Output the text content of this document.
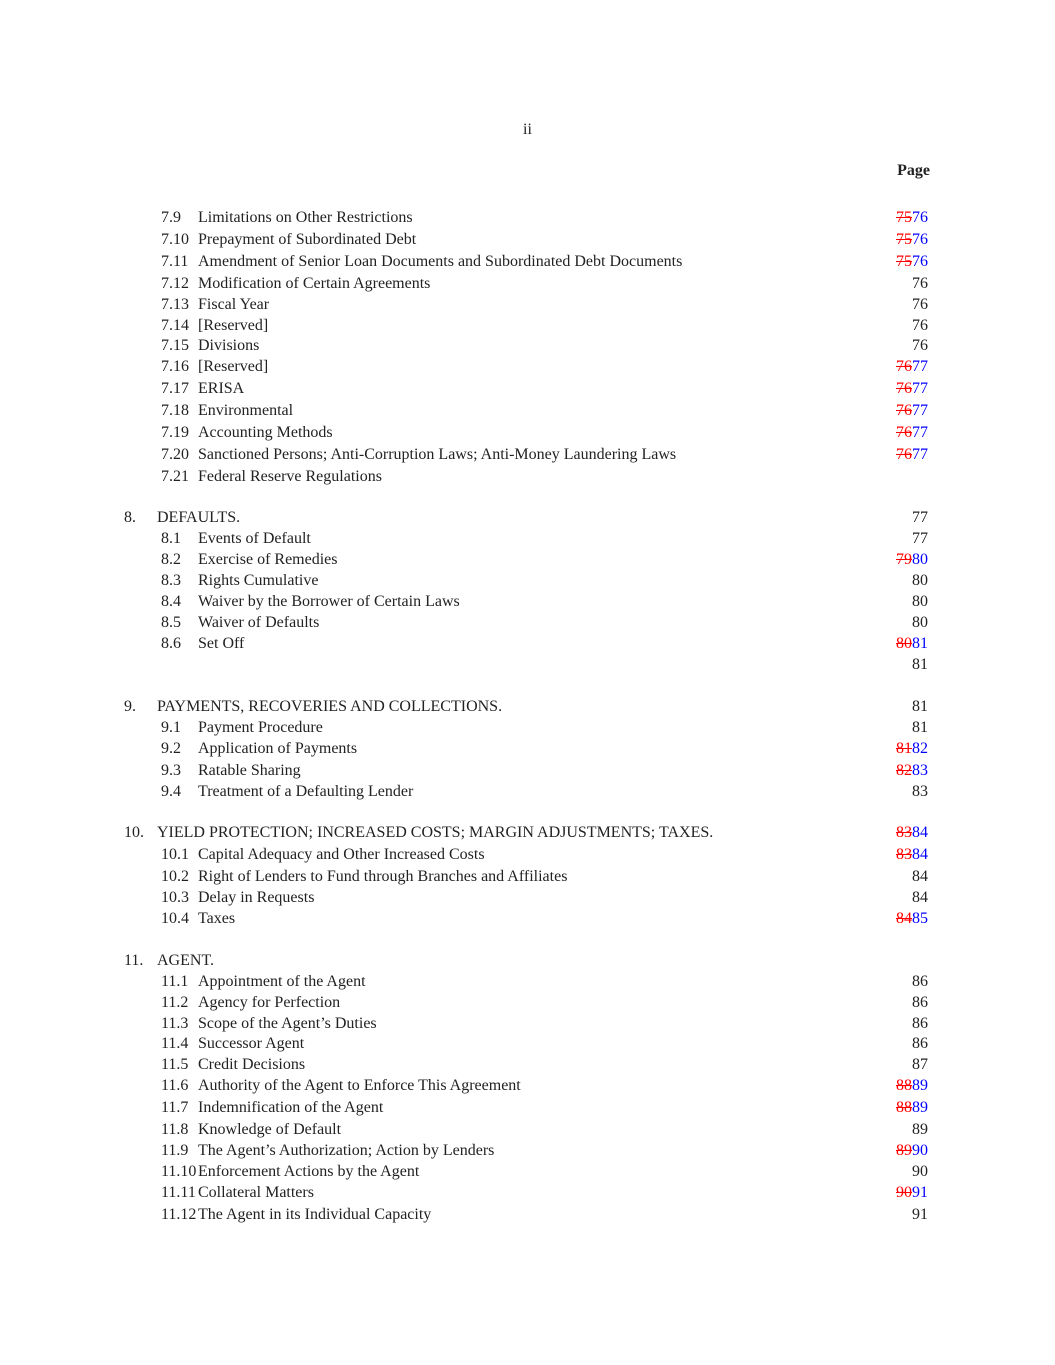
ii
Page
7.9 Limitations on Other Restrictions	7576
7.10 Prepayment of Subordinated Debt	7576
7.11 Amendment of Senior Loan Documents and Subordinated Debt Documents	7576
7.12 Modification of Certain Agreements	76
7.13 Fiscal Year	76
7.14 [Reserved]	76
7.15 Divisions	76
7.16 [Reserved]	7677
7.17 ERISA	7677
7.18 Environmental	7677
7.19 Accounting Methods	7677
7.20 Sanctioned Persons; Anti-Corruption Laws; Anti-Money Laundering Laws	7677
7.21 Federal Reserve Regulations
8. DEFAULTS.	77
8.1 Events of Default	77
8.2 Exercise of Remedies	7980
8.3 Rights Cumulative	80
8.4 Waiver by the Borrower of Certain Laws	80
8.5 Waiver of Defaults	80
8.6 Set Off	8081
81
9. PAYMENTS, RECOVERIES AND COLLECTIONS.	81
9.1 Payment Procedure	81
9.2 Application of Payments	8182
9.3 Ratable Sharing	8283
9.4 Treatment of a Defaulting Lender	83
10. YIELD PROTECTION; INCREASED COSTS; MARGIN ADJUSTMENTS; TAXES.	8384
10.1 Capital Adequacy and Other Increased Costs	8384
10.2 Right of Lenders to Fund through Branches and Affiliates	84
10.3 Delay in Requests	84
10.4 Taxes	8485
11. AGENT.
11.1 Appointment of the Agent	86
11.2 Agency for Perfection	86
11.3 Scope of the Agent’s Duties	86
11.4 Successor Agent	86
11.5 Credit Decisions	87
11.6 Authority of the Agent to Enforce This Agreement	8889
11.7 Indemnification of the Agent	8889
11.8 Knowledge of Default	89
11.9 The Agent’s Authorization; Action by Lenders	8990
11.10 Enforcement Actions by the Agent	90
11.11 Collateral Matters	9091
11.12 The Agent in its Individual Capacity	91
